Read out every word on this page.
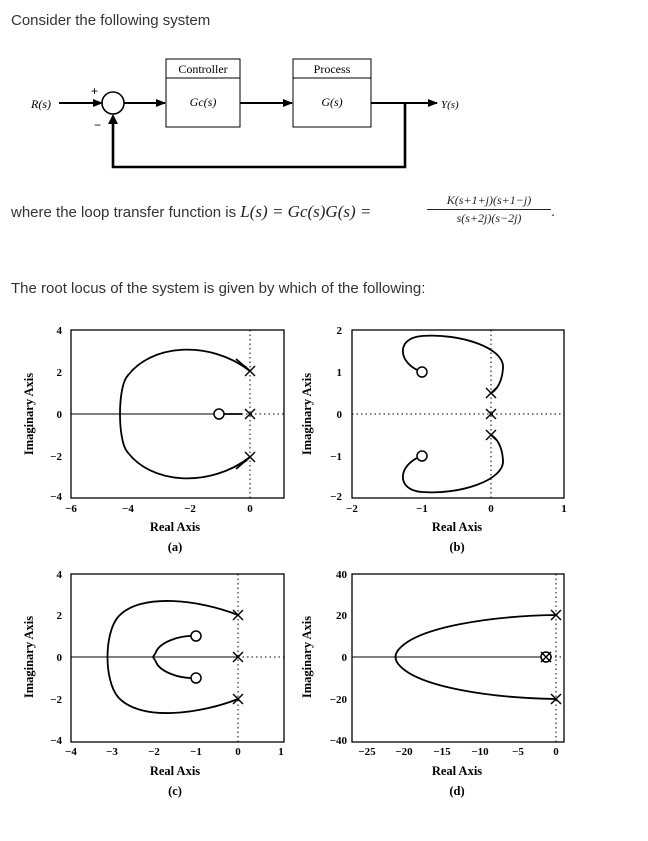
Consider the following system
R(s)
+
−
Controller
Gc(s)
Process
G(s)	Y(s)
where the loop transfer function is L(s) = Gc(s)G(s) =	$\frac{K(s+1+j)(s+1-j)}{s(s+2j)(s-2j)}$ .
The root locus of the system is given by which of the following:
4
2
0
−2
−4
−6	−4	−2	0
Real Axis
(a)
Imaginary Axis
2
1
0
−1
−2
−2	−1	0	1
Real Axis
(b)
Imaginary Axis
4
2
0
−2
−4
−4	−3	−2	−1	0	1
Real Axis
(c)
Imaginary Axis
40
20
0
−20
−40
−25 −20 −15 −10 −5	0
Real Axis
(d)
Imaginary Axis
